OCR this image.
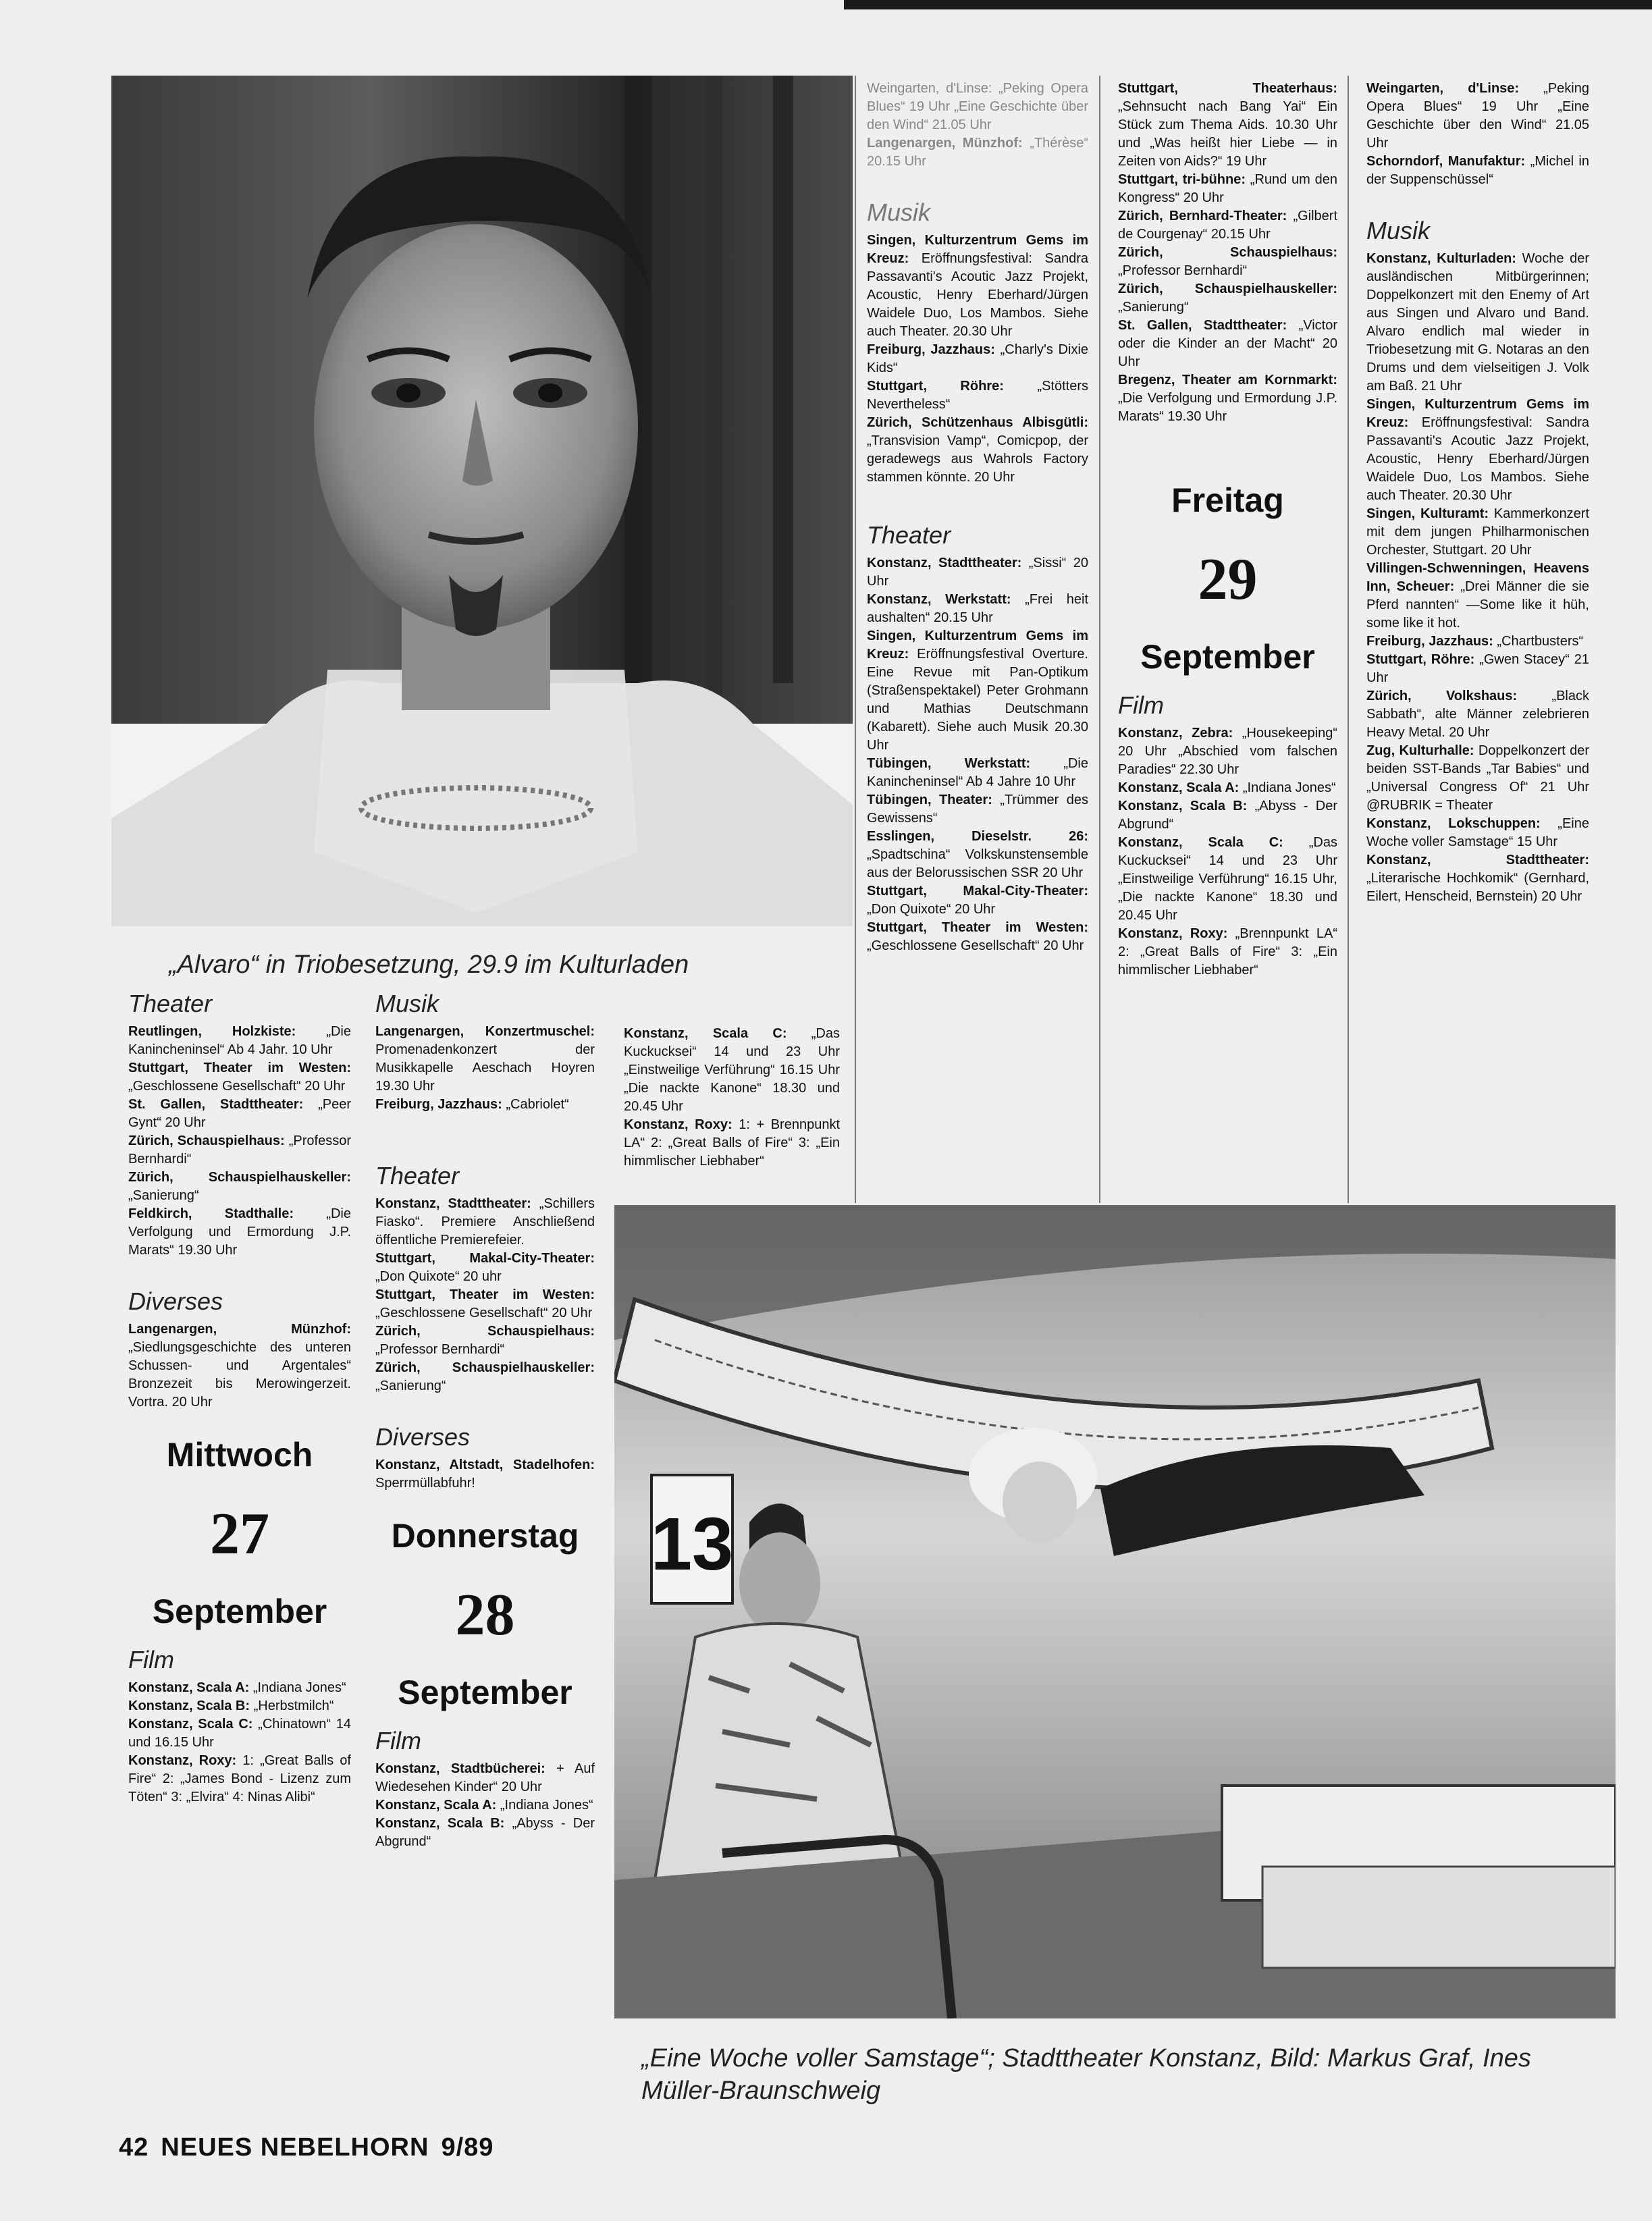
13
„Alvaro“ in Triobesetzung, 29.9 im Kulturladen
Theater

Reutlingen, Holzkiste: „Die Kanincheninsel“ Ab 4 Jahr. 10 Uhr

Stuttgart, Theater im Westen: „Geschlossene Gesellschaft“ 20 Uhr

St. Gallen, Stadttheater: „Peer Gynt“ 20 Uhr

Zürich, Schauspielhaus: „Professor Bernhardi“

Zürich, Schauspielhauskeller: „Sanierung“

Feldkirch, Stadthalle: „Die Verfolgung und Ermordung J.P. Marats“ 19.30 Uhr

Diverses

Langenargen, Münzhof: „Siedlungsgeschichte des unteren Schussen- und Argentales“ Bronzezeit bis Merowingerzeit. Vortra. 20 Uhr

Mittwoch
27
September
Film

Konstanz, Scala A: „Indiana Jones“

Konstanz, Scala B: „Herbstmilch“

Konstanz, Scala C: „Chinatown“ 14 und 16.15 Uhr

Konstanz, Roxy: 1: „Great Balls of Fire“ 2: „James Bond - Lizenz zum Töten“ 3: „Elvira“ 4: Ninas Alibi“

Musik

Langenargen, Konzertmuschel: Promenadenkonzert der Musikkapelle Aeschach Hoyren 19.30 Uhr

Freiburg, Jazzhaus: „Cabriolet“

Theater

Konstanz, Stadttheater: „Schillers Fiasko“. Premiere Anschließend öffentliche Premierefeier.

Stuttgart, Makal-City-Theater: „Don Quixote“ 20 uhr

Stuttgart, Theater im Westen: „Geschlossene Gesellschaft“ 20 Uhr

Zürich, Schauspielhaus: „Professor Bernhardi“

Zürich, Schauspielhauskeller: „Sanierung“

Diverses

Konstanz, Altstadt, Stadelhofen: Sperrmüllabfuhr!

Donnerstag
28
September
Film

Konstanz, Stadtbücherei: + Auf Wiedesehen Kinder“ 20 Uhr

Konstanz, Scala A: „Indiana Jones“

Konstanz, Scala B: „Abyss - Der Abgrund“

Konstanz, Scala C: „Das Kuckucksei“ 14 und 23 Uhr „Einstweilige Verführung“ 16.15 Uhr „Die nackte Kanone“ 18.30 und 20.45 Uhr

Konstanz, Roxy: 1: + Brennpunkt LA“ 2: „Great Balls of Fire“ 3: „Ein himmlischer Liebhaber“

Weingarten, d'Linse: „Peking Opera Blues“ 19 Uhr „Eine Geschichte über den Wind“ 21.05 Uhr

Langenargen, Münzhof: „Thérèse“ 20.15 Uhr

Musik

Singen, Kulturzentrum Gems im Kreuz: Eröffnungsfestival: Sandra Passavanti's Acoutic Jazz Projekt, Acoustic, Henry Eberhard/Jürgen Waidele Duo, Los Mambos. Siehe auch Theater. 20.30 Uhr

Freiburg, Jazzhaus: „Charly's Dixie Kids“

Stuttgart, Röhre: „Stötters Nevertheless“

Zürich, Schützenhaus Albisgütli: „Transvision Vamp“, Comicpop, der geradewegs aus Wahrols Factory stammen könnte. 20 Uhr

Theater

Konstanz, Stadttheater: „Sissi“ 20 Uhr

Konstanz, Werkstatt: „Frei heit aushalten“ 20.15 Uhr

Singen, Kulturzentrum Gems im Kreuz: Eröffnungsfestival Overture. Eine Revue mit Pan-Optikum (Straßenspektakel) Peter Grohmann und Mathias Deutschmann (Kabarett). Siehe auch Musik 20.30 Uhr

Tübingen, Werkstatt: „Die Kanincheninsel“ Ab 4 Jahre 10 Uhr

Tübingen, Theater: „Trümmer des Gewissens“

Esslingen, Dieselstr. 26: „Spadtschina“ Volkskunstensemble aus der Belorussischen SSR 20 Uhr

Stuttgart, Makal-City-Theater: „Don Quixote“ 20 Uhr

Stuttgart, Theater im Westen: „Geschlossene Gesellschaft“ 20 Uhr

Stuttgart, Theaterhaus: „Sehnsucht nach Bang Yai“ Ein Stück zum Thema Aids. 10.30 Uhr und „Was heißt hier Liebe — in Zeiten von Aids?“ 19 Uhr

Stuttgart, tri-bühne: „Rund um den Kongress“ 20 Uhr

Zürich, Bernhard-Theater: „Gilbert de Courgenay“ 20.15 Uhr

Zürich, Schauspielhaus: „Professor Bernhardi“

Zürich, Schauspielhauskeller: „Sanierung“

St. Gallen, Stadttheater: „Victor oder die Kinder an der Macht“ 20 Uhr

Bregenz, Theater am Kornmarkt: „Die Verfolgung und Ermordung J.P. Marats“ 19.30 Uhr

Freitag
29
September
Film

Konstanz, Zebra: „Housekeeping“ 20 Uhr „Abschied vom falschen Paradies“ 22.30 Uhr

Konstanz, Scala A: „Indiana Jones“

Konstanz, Scala B: „Abyss - Der Abgrund“

Konstanz, Scala C: „Das Kuckucksei“ 14 und 23 Uhr „Einstweilige Verführung“ 16.15 Uhr, „Die nackte Kanone“ 18.30 und 20.45 Uhr

Konstanz, Roxy: „Brennpunkt LA“ 2: „Great Balls of Fire“ 3: „Ein himmlischer Liebhaber“

Weingarten, d'Linse: „Peking Opera Blues“ 19 Uhr „Eine Geschichte über den Wind“ 21.05 Uhr

Schorndorf, Manufaktur: „Michel in der Suppenschüssel“

Musik

Konstanz, Kulturladen: Woche der ausländischen Mitbürgerinnen; Doppelkonzert mit den Enemy of Art aus Singen und Alvaro und Band. Alvaro endlich mal wieder in Triobesetzung mit G. Notaras an den Drums und dem vielseitigen J. Volk am Baß. 21 Uhr

Singen, Kulturzentrum Gems im Kreuz: Eröffnungsfestival: Sandra Passavanti's Acoutic Jazz Projekt, Acoustic, Henry Eberhard/Jürgen Waidele Duo, Los Mambos. Siehe auch Theater. 20.30 Uhr

Singen, Kulturamt: Kammerkonzert mit dem jungen Philharmonischen Orchester, Stuttgart. 20 Uhr

Villingen-Schwenningen, Heavens Inn, Scheuer: „Drei Männer die sie Pferd nannten“ —Some like it hüh, some like it hot.

Freiburg, Jazzhaus: „Chartbusters“

Stuttgart, Röhre: „Gwen Stacey“ 21 Uhr

Zürich, Volkshaus: „Black Sabbath“, alte Männer zelebrieren Heavy Metal. 20 Uhr

Zug, Kulturhalle: Doppelkonzert der beiden SST-Bands „Tar Babies“ und „Universal Congress Of“ 21 Uhr @RUBRIK = Theater

Konstanz, Lokschuppen: „Eine Woche voller Samstage“ 15 Uhr

Konstanz, Stadttheater: „Literarische Hochkomik“ (Gernhard, Eilert, Henscheid, Bernstein) 20 Uhr

„Eine Woche voller Samstage“; Stadttheater Konstanz, Bild: Markus Graf, Ines Müller-Braunschweig
42 NEUES NEBELHORN 9/89
